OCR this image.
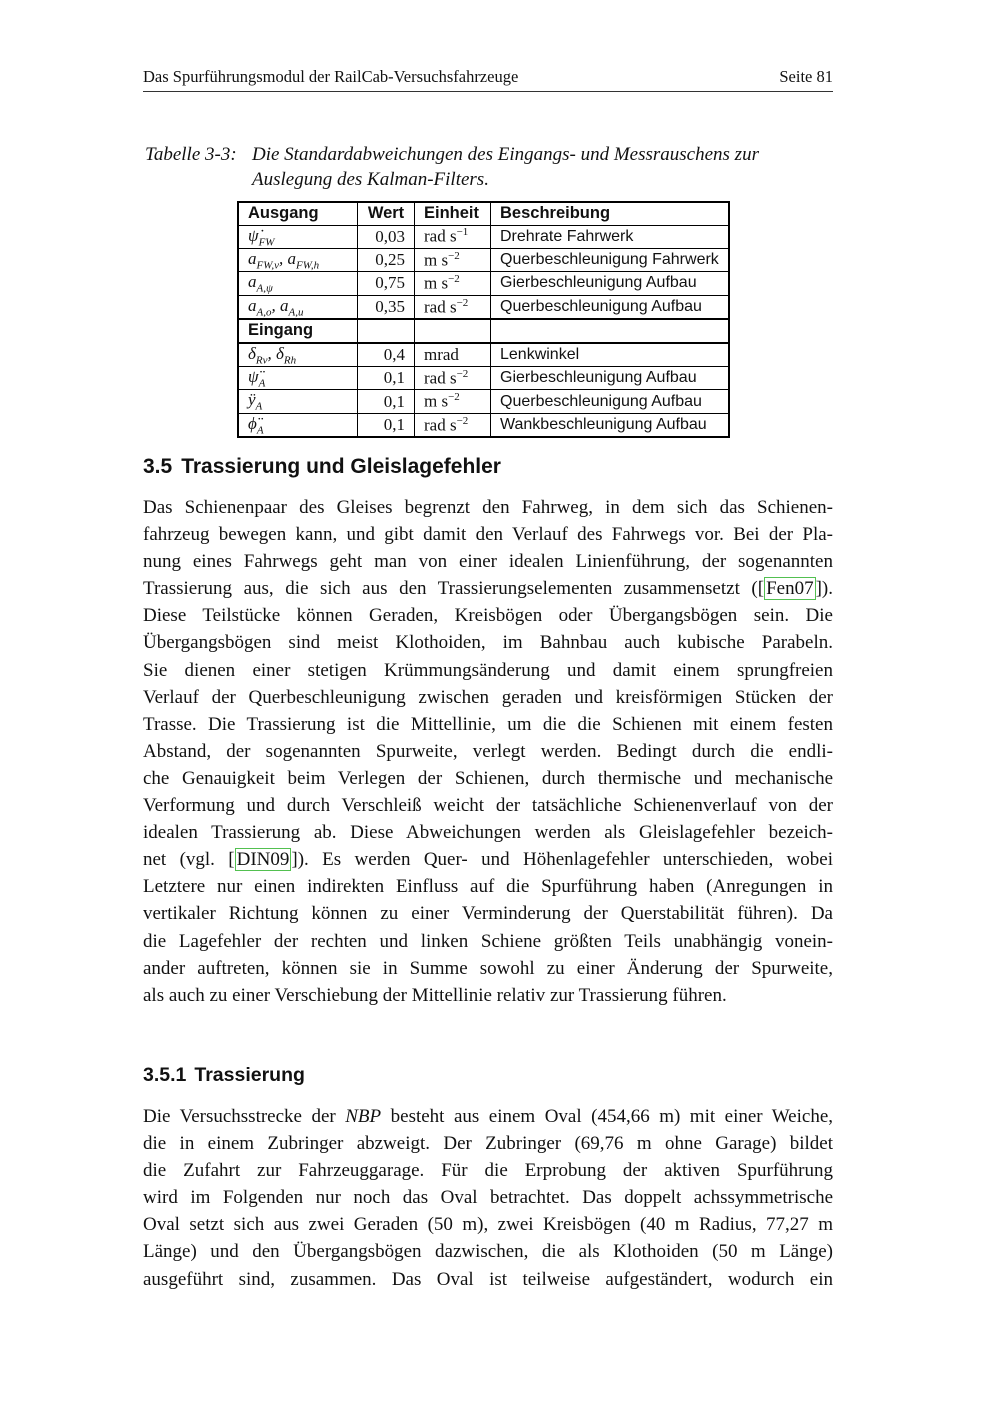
Das Spurführungsmodul der RailCab-Versuchsfahrzeuge	Seite 81
Tabelle 3-3: Die Standardabweichungen des Eingangs- und Messrauschens zur
Auslegung des Kalman-Filters.
Ausgang	Wert	Einheit	Beschreibung
$\psi̇_{FW}$	0,03	rad $s^{-1}$	Drehrate Fahrwerk
$a_{FW,v}$, $a_{FW,h}$	0,25	m $s^{-2}$	Querbeschleunigung Fahrwerk
$a_{A,\psi}$	0,75	m $s^{-2}$	Gierbeschleunigung Aufbau
$a_{A,o}$, $a_{A,u}$	0,35	rad $s^{-2}$	Querbeschleunigung Aufbau
Eingang			
$\delta_{Rv}$, $\delta_{Rh}$	0,4	mrad	Lenkwinkel
$\psï_A$	0,1	rad $s^{-2}$	Gierbeschleunigung Aufbau
$ÿ_A$	0,1	m $s^{-2}$	Querbeschleunigung Aufbau
$\phï_A$	0,1	rad $s^{-2}$	Wankbeschleunigung Aufbau
3.5 Trassierung und Gleislagefehler
Das Schienenpaar des Gleises begrenzt den Fahrweg, in dem sich das Schienen-
fahrzeug bewegen kann, und gibt damit den Verlauf des Fahrwegs vor. Bei der Pla-
nung eines Fahrwegs geht man von einer idealen Linienführung, der sogenannten
Trassierung aus, die sich aus den Trassierungselementen zusammensetzt ([ Fen07 ]).
Diese Teilstücke können Geraden, Kreisbögen oder Übergangsbögen sein. Die
Übergangsbögen sind meist Klothoiden, im Bahnbau auch kubische Parabeln.
Sie dienen einer stetigen Krümmungsänderung und damit einem sprungfreien
Verlauf der Querbeschleunigung zwischen geraden und kreisförmigen Stücken der
Trasse. Die Trassierung ist die Mittellinie, um die die Schienen mit einem festen
Abstand, der sogenannten Spurweite, verlegt werden. Bedingt durch die endli-
che Genauigkeit beim Verlegen der Schienen, durch thermische und mechanische
Verformung und durch Verschleiß weicht der tatsächliche Schienenverlauf von der
idealen Trassierung ab. Diese Abweichungen werden als Gleislagefehler bezeich-
net (vgl. [ DIN09 ]). Es werden Quer- und Höhenlagefehler unterschieden, wobei
Letztere nur einen indirekten Einfluss auf die Spurführung haben (Anregungen in
vertikaler Richtung können zu einer Verminderung der Querstabilität führen). Da
die Lagefehler der rechten und linken Schiene größten Teils unabhängig vonein-
ander auftreten, können sie in Summe sowohl zu einer Änderung der Spurweite,
als auch zu einer Verschiebung der Mittellinie relativ zur Trassierung führen.
3.5.1 Trassierung
Die Versuchsstrecke der NBP besteht aus einem Oval (454,66 m) mit einer Weiche,
die in einem Zubringer abzweigt. Der Zubringer (69,76 m ohne Garage) bildet
die Zufahrt zur Fahrzeuggarage. Für die Erprobung der aktiven Spurführung
wird im Folgenden nur noch das Oval betrachtet. Das doppelt achssymmetrische
Oval setzt sich aus zwei Geraden (50 m), zwei Kreisbögen (40 m Radius, 77,27 m
Länge) und den Übergangsbögen dazwischen, die als Klothoiden (50 m Länge)
ausgeführt sind, zusammen. Das Oval ist teilweise aufgeständert, wodurch ein
